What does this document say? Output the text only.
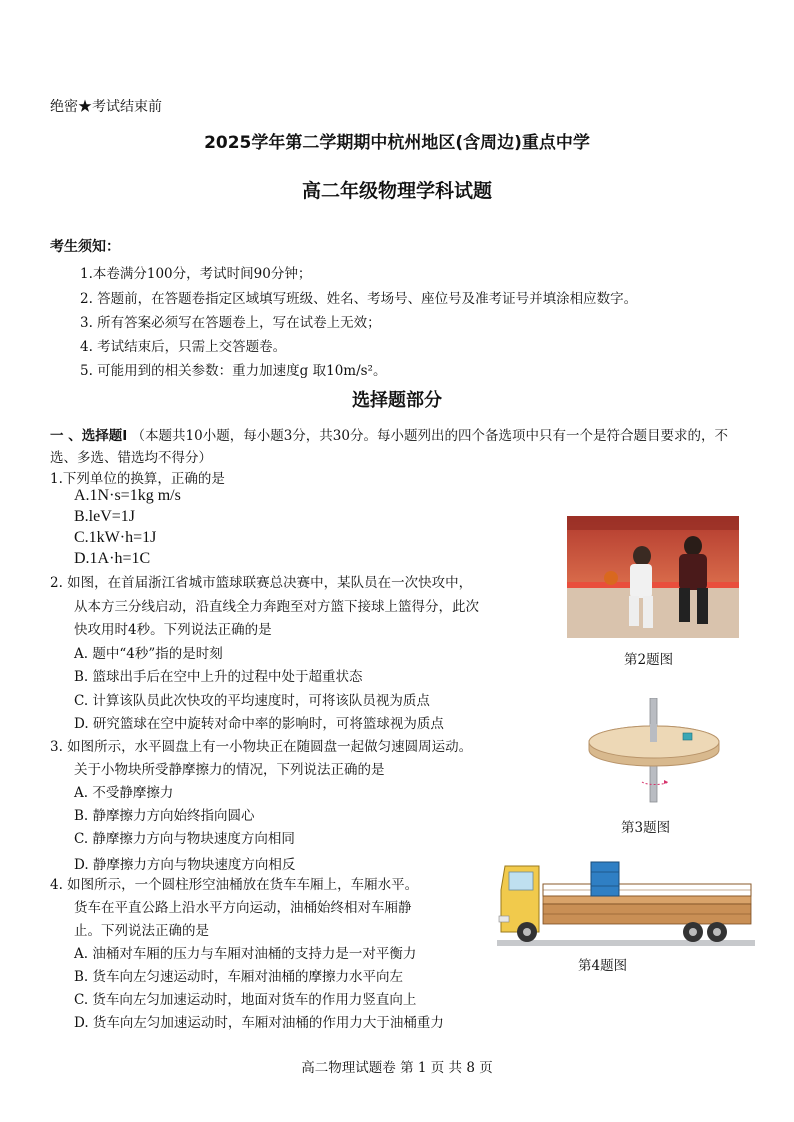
绝密★考试结束前
2025学年第二学期期中杭州地区(含周边)重点中学
高二年级物理学科试题
考生须知：
1.本卷满分100分，考试时间90分钟；
2. 答题前，在答题卷指定区域填写班级、姓名、考场号、座位号及准考证号并填涂相应数字。
3. 所有答案必须写在答题卷上，写在试卷上无效；
4. 考试结束后，只需上交答题卷。
5. 可能用到的相关参数：重力加速度g 取10m/s²。
选择题部分
一 、选择题Ⅰ （本题共10小题，每小题3分，共30分。每小题列出的四个备选项中只有一个是符合题目要求的，不选、多选、错选均不得分）
1.下列单位的换算，正确的是
A.1N·s=1kg m/s
B.leV=1J
C.1kW·h=1J
D.1A·h=1C
2. 如图，在首届浙江省城市篮球联赛总决赛中，某队员在一次快攻中，
从本方三分线启动，沿直线全力奔跑至对方篮下接球上篮得分，此次
快攻用时4秒。下列说法正确的是
A. 题中“4秒”指的是时刻
B. 篮球出手后在空中上升的过程中处于超重状态
C. 计算该队员此次快攻的平均速度时，可将该队员视为质点
D. 研究篮球在空中旋转对命中率的影响时，可将篮球视为质点
第2题图
3. 如图所示，水平圆盘上有一小物块正在随圆盘一起做匀速圆周运动。
关于小物块所受静摩擦力的情况，下列说法正确的是
A. 不受静摩擦力
B. 静摩擦力方向始终指向圆心
C. 静摩擦力方向与物块速度方向相同
D. 静摩擦力方向与物块速度方向相反
第3题图
4. 如图所示，一个圆柱形空油桶放在货车车厢上，车厢水平。
货车在平直公路上沿水平方向运动，油桶始终相对车厢静
止。下列说法正确的是
A. 油桶对车厢的压力与车厢对油桶的支持力是一对平衡力
B. 货车向左匀速运动时，车厢对油桶的摩擦力水平向左
C. 货车向左匀加速运动时，地面对货车的作用力竖直向上
D. 货车向左匀加速运动时，车厢对油桶的作用力大于油桶重力
第4题图
高二物理试题卷 第 1 页 共 8 页
